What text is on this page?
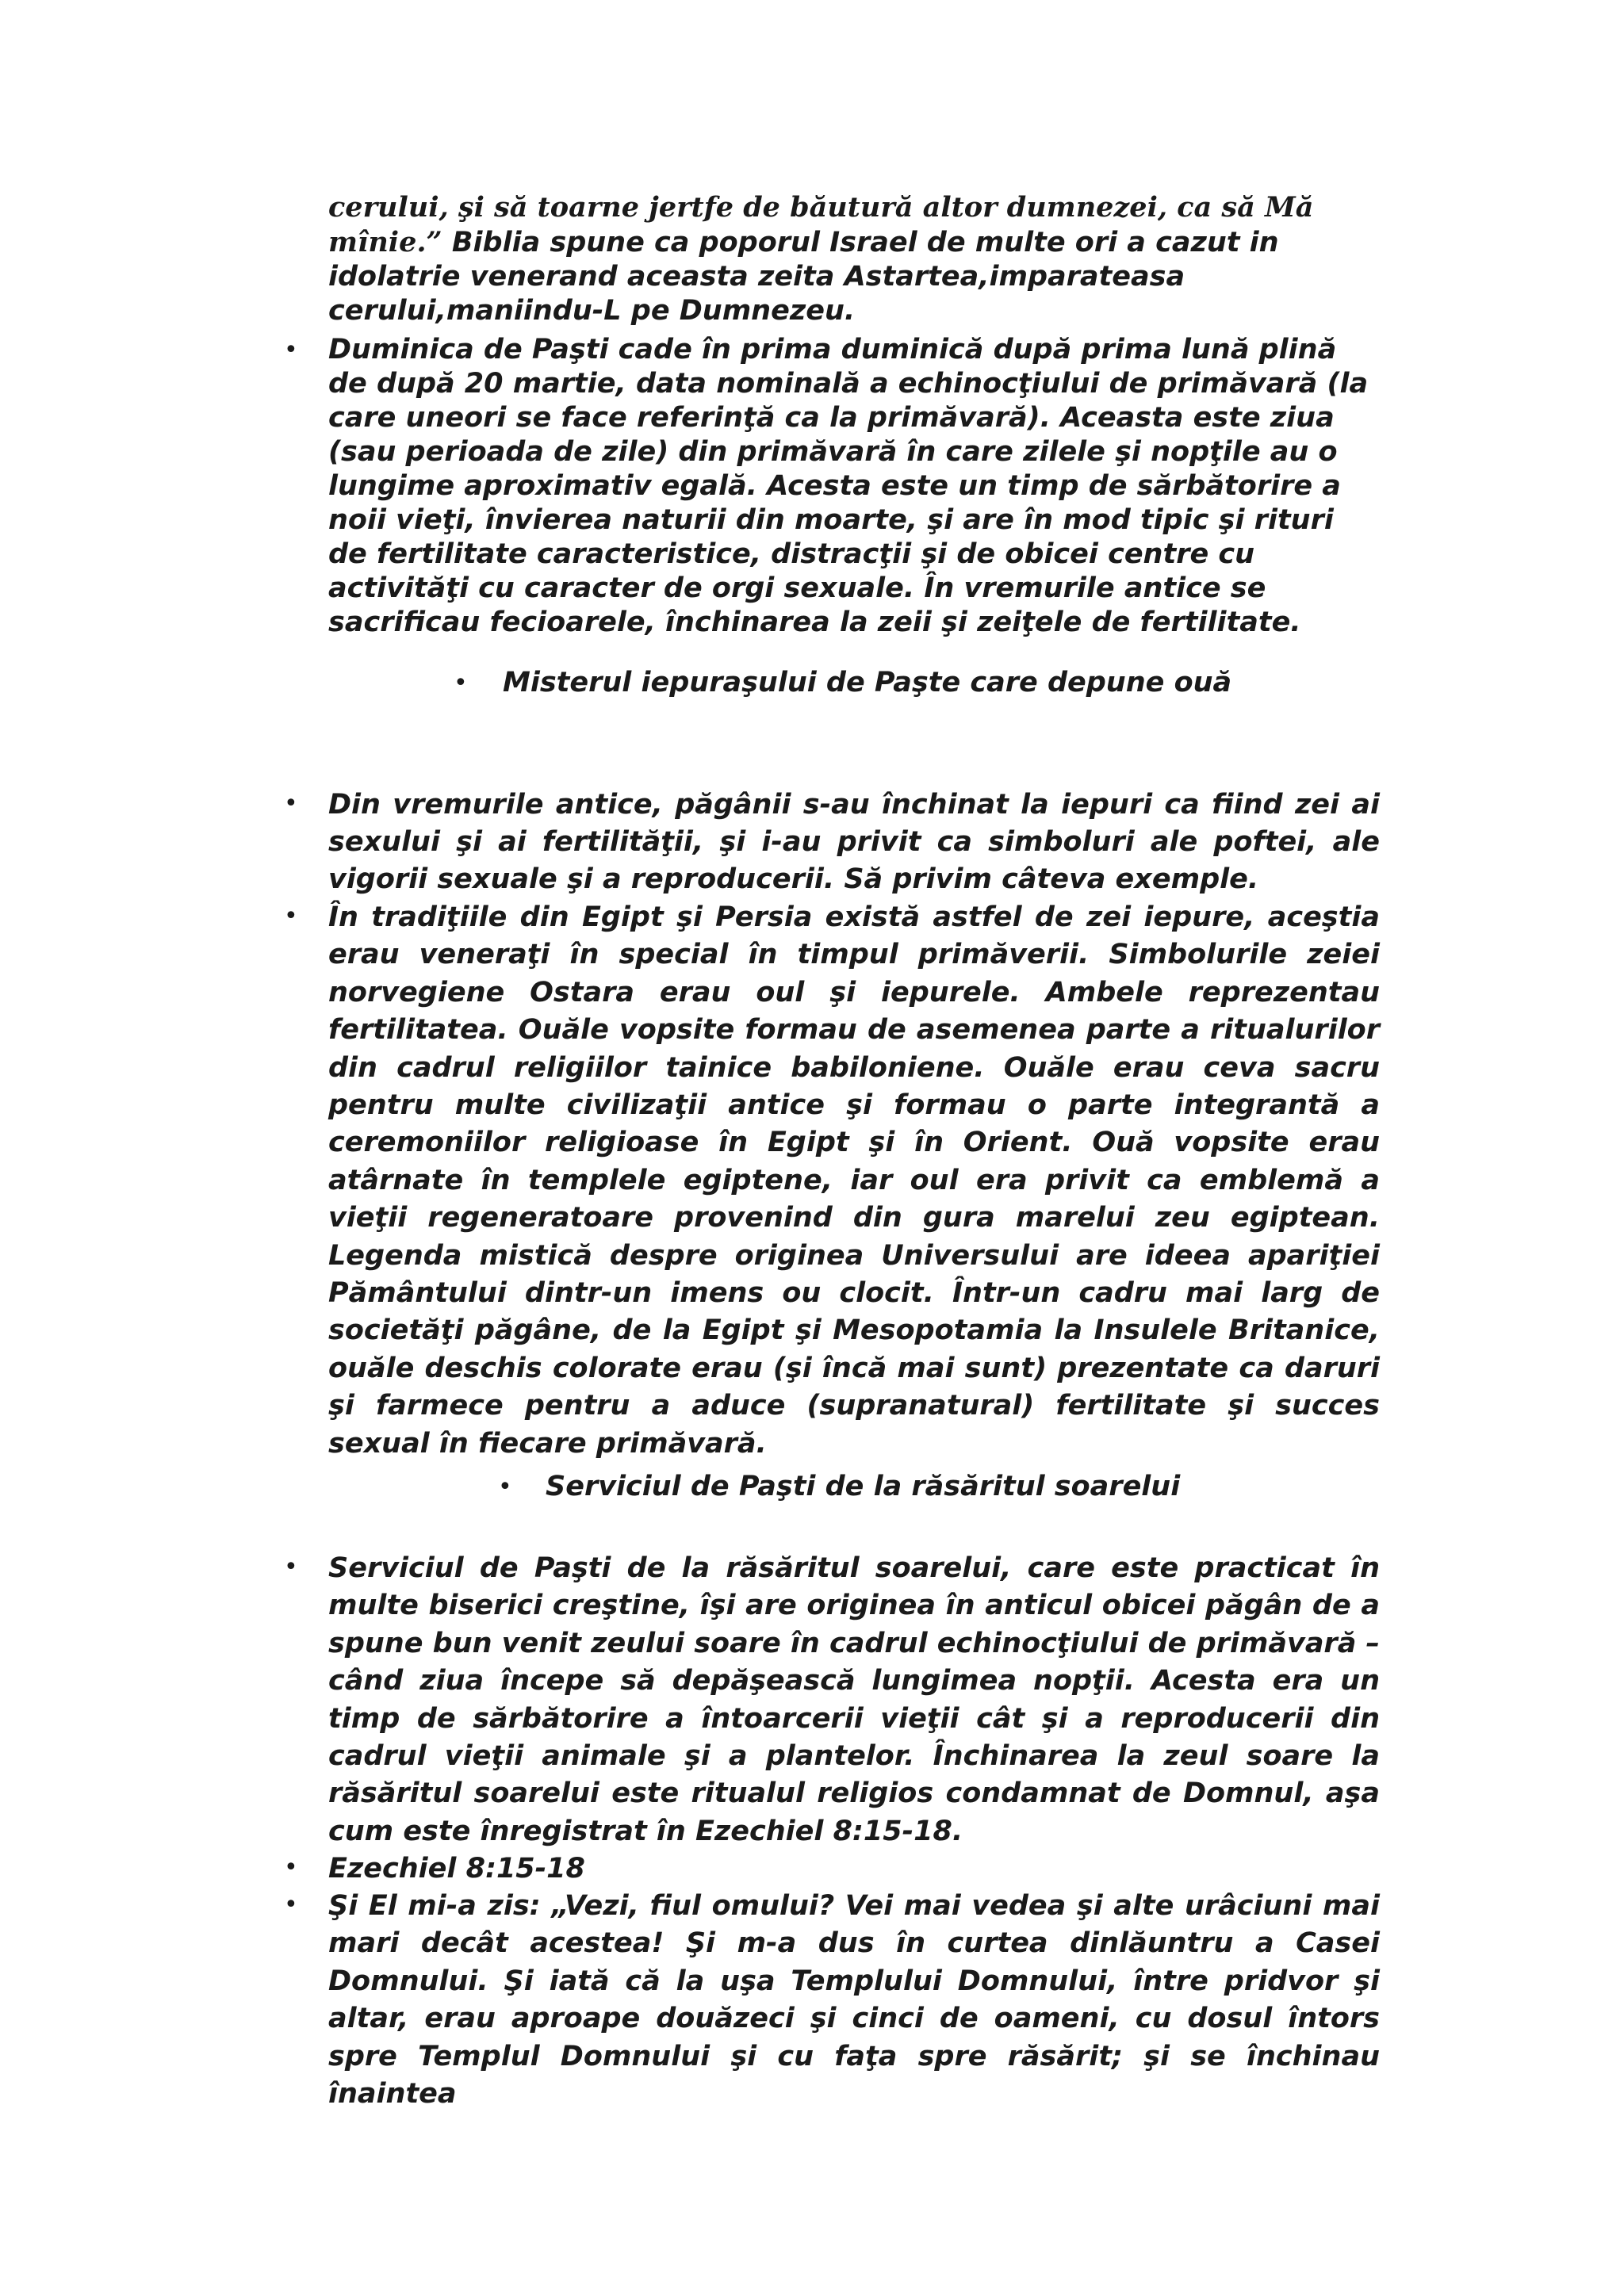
cerului, şi să toarne jertfe de băutură altor dumnezei, ca să Mă mînie.” Biblia spune ca poporul Israel de multe ori a cazut in idolatrie venerand aceasta zeita Astartea,imparateasa cerului,maniindu-L pe Dumnezeu.

• Duminica de Paşti cade în prima duminică după prima lună plină de după 20 martie, data nominală a echinocţiului de primăvară (la care uneori se face referinţă ca la primăvară). Aceasta este ziua (sau perioada de zile) din primăvară în care zilele şi nopţile au o lungime aproximativ egală. Acesta este un timp de sărbătorire a noii vieţi, învierea naturii din moarte, şi are în mod tipic şi rituri de fertilitate caracteristice, distracţii şi de obicei centre cu activităţi cu caracter de orgi sexuale. În vremurile antice se sacrificau fecioarele, închinarea la zeii şi zeiţele de fertilitate.

• Misterul iepuraşului de Paşte care depune ouă
• Din vremurile antice, păgânii s-au închinat la iepuri ca fiind zei ai sexului şi ai fertilităţii, şi i-au privit ca simboluri ale poftei, ale vigorii sexuale şi a reproducerii. Să privim câteva exemple.

• În tradiţiile din Egipt şi Persia există astfel de zei iepure, aceştia erau veneraţi în special în timpul primăverii. Simbolurile zeiei norvegiene Ostara erau oul şi iepurele. Ambele reprezentau fertilitatea. Ouăle vopsite formau de asemenea parte a ritualurilor din cadrul religiilor tainice babiloniene. Ouăle erau ceva sacru pentru multe civilizaţii antice şi formau o parte integrantă a ceremoniilor religioase în Egipt şi în Orient. Ouă vopsite erau atârnate în templele egiptene, iar oul era privit ca emblemă a vieţii regeneratoare provenind din gura marelui zeu egiptean. Legenda mistică despre originea Universului are ideea apariţiei Pământului dintr-un imens ou clocit. Într-un cadru mai larg de societăţi păgâne, de la Egipt şi Mesopotamia la Insulele Britanice, ouăle deschis colorate erau (şi încă mai sunt) prezentate ca daruri şi farmece pentru a aduce (supranatural) fertilitate şi succes sexual în fiecare primăvară.

• Serviciul de Paşti de la răsăritul soarelui
• Serviciul de Paşti de la răsăritul soarelui, care este practicat în multe biserici creştine, îşi are originea în anticul obicei păgân de a spune bun venit zeului soare în cadrul echinocţiului de primăvară – când ziua începe să depăşească lungimea nopţii. Acesta era un timp de sărbătorire a întoarcerii vieţii cât şi a reproducerii din cadrul vieţii animale şi a plantelor. Închinarea la zeul soare la răsăritul soarelui este ritualul religios condamnat de Domnul, aşa cum este înregistrat în Ezechiel 8:15-18.

• Ezechiel 8:15-18

• Şi El mi-a zis: „Vezi, fiul omului? Vei mai vedea şi alte urâciuni mai mari decât acestea! Şi m-a dus în curtea dinlăuntru a Casei Domnului. Şi iată că la uşa Templului Domnului, între pridvor şi altar, erau aproape douăzeci şi cinci de oameni, cu dosul întors spre Templul Domnului şi cu faţa spre răsărit; şi se închinau înaintea
